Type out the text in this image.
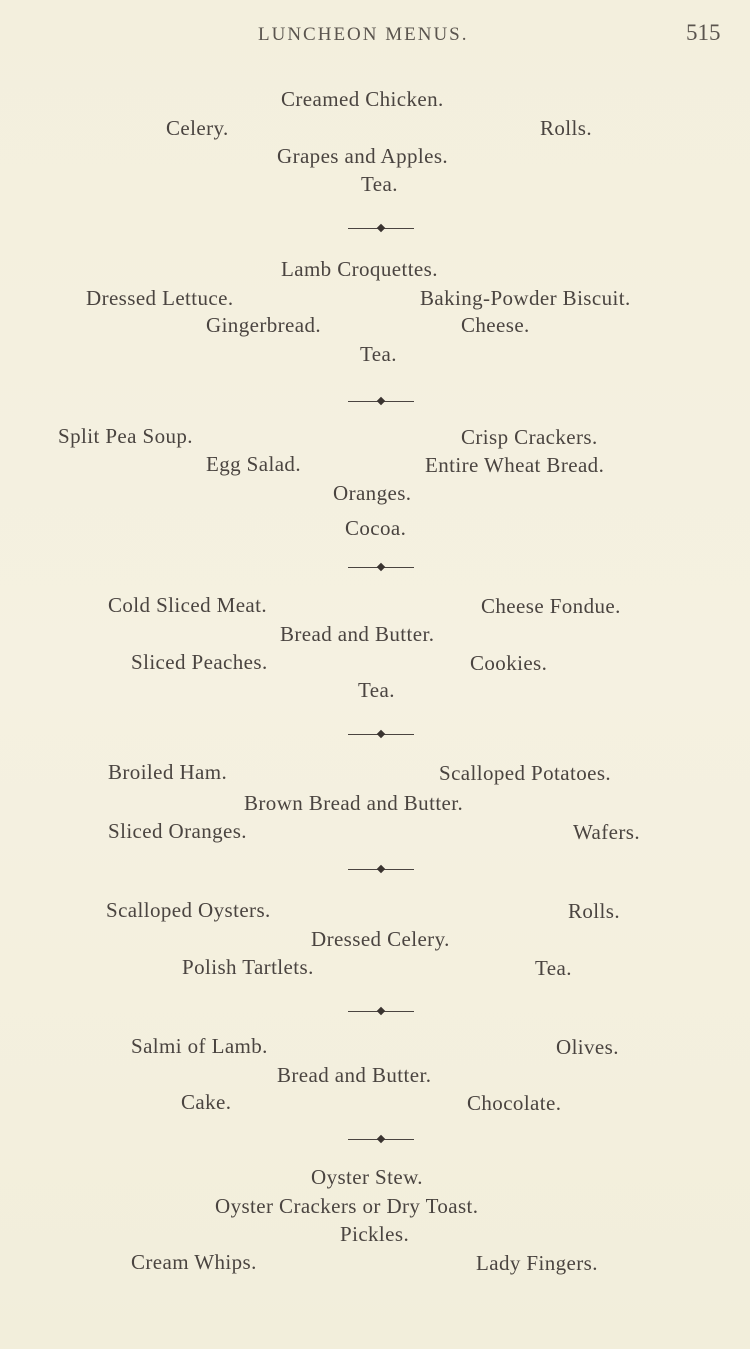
LUNCHEON MENUS.	515
Creamed Chicken.
Celery.	Rolls.
Grapes and Apples.
Tea.
Lamb Croquettes.
Dressed Lettuce.	Baking-Powder Biscuit.
Gingerbread.	Cheese.
Tea.
Split Pea Soup.	Crisp Crackers.
Egg Salad.	Entire Wheat Bread.
Oranges.
Cocoa.
Cold Sliced Meat.	Cheese Fondue.
Bread and Butter.
Sliced Peaches.	Cookies.
Tea.
Broiled Ham.	Scalloped Potatoes.
Brown Bread and Butter.
Sliced Oranges.	Wafers.
Scalloped Oysters.	Rolls.
Dressed Celery.
Polish Tartlets.	Tea.
Salmi of Lamb.	Olives.
Bread and Butter.
Cake.	Chocolate.
Oyster Stew.
Oyster Crackers or Dry Toast.
Pickles.
Cream Whips.	Lady Fingers.
